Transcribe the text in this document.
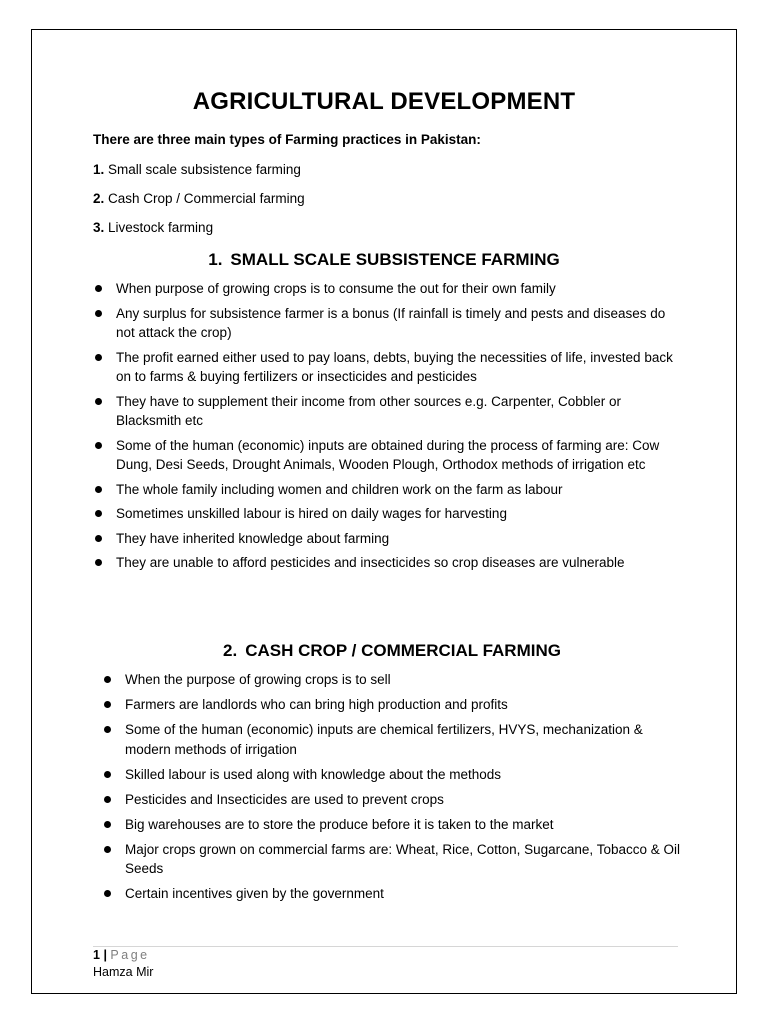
AGRICULTURAL DEVELOPMENT
There are three main types of Farming practices in Pakistan:
1. Small scale subsistence farming
2. Cash Crop / Commercial farming
3. Livestock farming
1. SMALL SCALE SUBSISTENCE FARMING
When purpose of growing crops is to consume the out for their own family
Any surplus for subsistence farmer is a bonus (If rainfall is timely and pests and diseases do not attack the crop)
The profit earned either used to pay loans, debts, buying the necessities of life, invested back on to farms & buying fertilizers or insecticides and pesticides
They have to supplement their income from other sources e.g. Carpenter, Cobbler or Blacksmith etc
Some of the human (economic) inputs are obtained during the process of farming are: Cow Dung, Desi Seeds, Drought Animals, Wooden Plough, Orthodox methods of irrigation etc
The whole family including women and children work on the farm as labour
Sometimes unskilled labour is hired on daily wages for harvesting
They have inherited knowledge about farming
They are unable to afford pesticides and insecticides so crop diseases are vulnerable
2. CASH CROP / COMMERCIAL FARMING
When the purpose of growing crops is to sell
Farmers are landlords who can bring high production and profits
Some of the human (economic) inputs are chemical fertilizers, HVYS, mechanization & modern methods of irrigation
Skilled labour is used along with knowledge about the methods
Pesticides and Insecticides are used to prevent crops
Big warehouses are to store the produce before it is taken to the market
Major crops grown on commercial farms are: Wheat, Rice, Cotton, Sugarcane, Tobacco & Oil Seeds
Certain incentives given by the government
1 | Page
Hamza Mir
